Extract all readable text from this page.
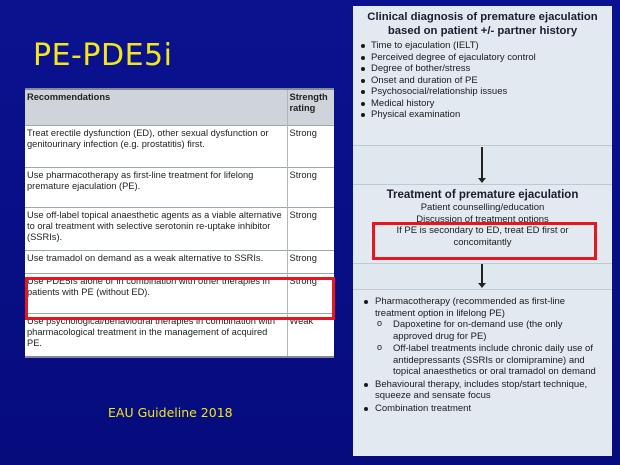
PE-PDE5i
Recommendations	Strength rating
Treat erectile dysfunction (ED), other sexual dysfunction or genitourinary infection (e.g. prostatitis) first.	Strong
Use pharmacotherapy as first-line treatment for lifelong premature ejaculation (PE).	Strong
Use off-label topical anaesthetic agents as a viable alternative to oral treatment with selective serotonin re-uptake inhibitor (SSRIs).	Strong
Use tramadol on demand as a weak alternative to SSRIs.	Strong
Use PDE5Is alone or in combination with other therapies in patients with PE (without ED).	Strong
Use psychological/behavioural therapies in combination with pharmacological treatment in the management of acquired PE.	Weak
EAU Guideline 2018
Clinical diagnosis of premature ejaculation based on patient +/- partner history
Time to ejaculation (IELT)
Perceived degree of ejaculatory control
Degree of bother/stress
Onset and duration of PE
Psychosocial/relationship issues
Medical history
Physical examination
Treatment of premature ejaculation
Patient counselling/education
Discussion of treatment options
If PE is secondary to ED, treat ED first or concomitantly
Pharmacotherapy (recommended as first-line treatment option in lifelong PE)
o Dapoxetine for on-demand use (the only approved drug for PE)
o Off-label treatments include chronic daily use of antidepressants (SSRIs or clomipramine) and topical anaesthetics or oral tramadol on demand
Behavioural therapy, includes stop/start technique, squeeze and sensate focus
Combination treatment
